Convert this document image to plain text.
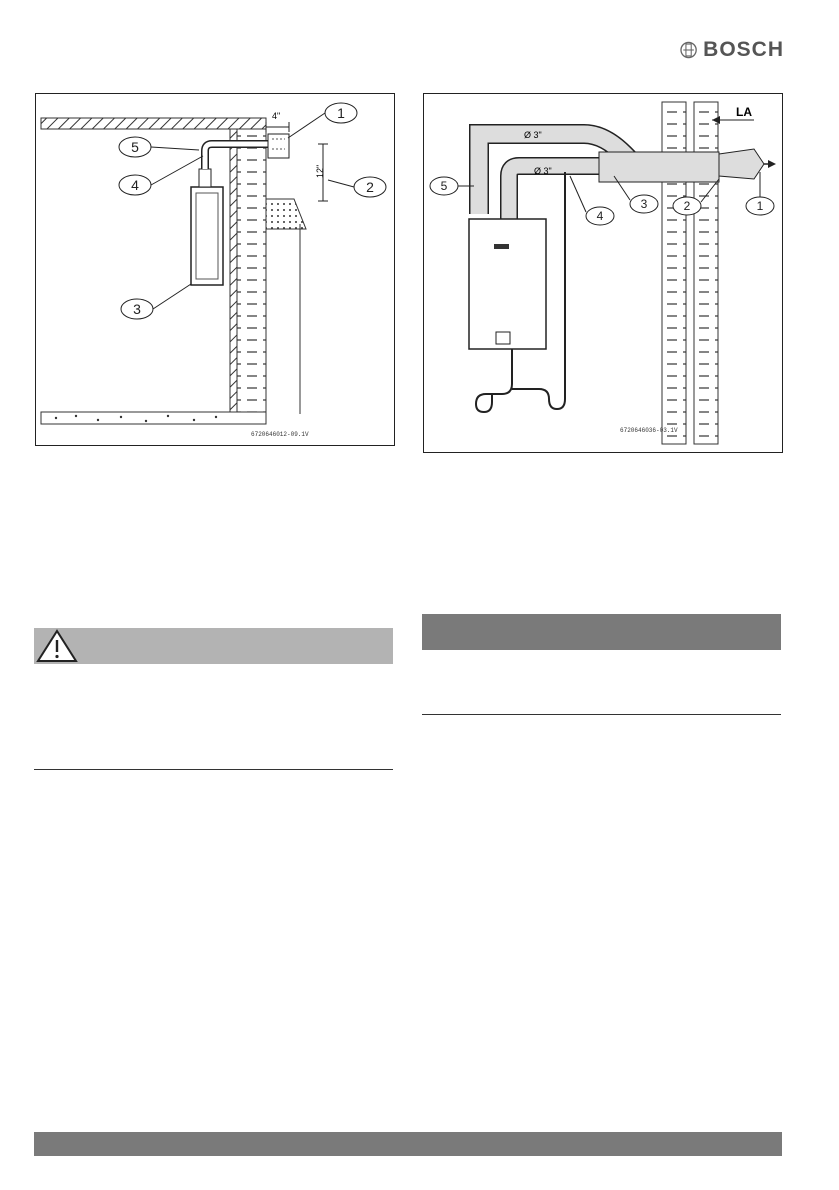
BOSCH
4"
12"
1
2
3
4
5
6720646012-09.1V
LA
Ø 3"
Ø 3"
1
2
3
4
5
6720646036-03.1V
